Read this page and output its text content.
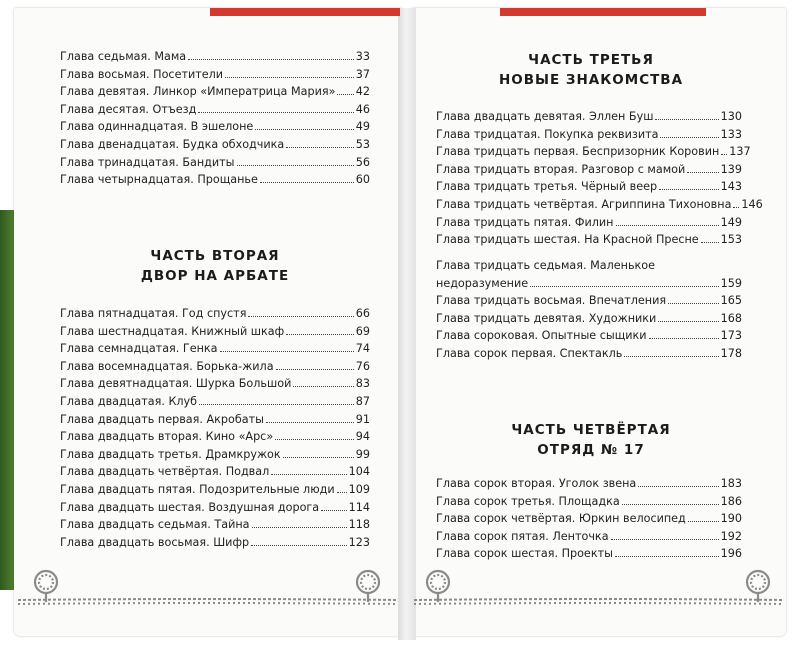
Глава седьмая. Мама	33
Глава восьмая. Посетители	37
Глава девятая. Линкор «Императрица Мария» 42
Глава десятая. Отъезд	46
Глава одиннадцатая. В эшелоне	49
Глава двенадцатая. Будка обходчика	53
Глава тринадцатая. Бандиты	56
Глава четырнадцатая. Прощанье	60
ЧАСТЬ ВТОРАЯ
ДВОР НА АРБАТЕ
Глава пятнадцатая. Год спустя	66
Глава шестнадцатая. Книжный шкаф	69
Глава семнадцатая. Генка	74
Глава восемнадцатая. Борька-жила	76
Глава девятнадцатая. Шурка Большой	83
Глава двадцатая. Клуб	87
Глава двадцать первая. Акробаты	91
Глава двадцать вторая. Кино «Арс»	94
Глава двадцать третья. Драмкружок	99
Глава двадцать четвёртая. Подвал	104
Глава двадцать пятая. Подозрительные люди 109
Глава двадцать шестая. Воздушная дорога	114
Глава двадцать седьмая. Тайна	118
Глава двадцать восьмая. Шифр	123
ЧАСТЬ ТРЕТЬЯ
НОВЫЕ ЗНАКОМСТВА
Глава двадцать девятая. Эллен Буш	130
Глава тридцатая. Покупка реквизита	133
Глава тридцать первая. Беспризорник Коровин 137
Глава тридцать вторая. Разговор с мамой	139
Глава тридцать третья. Чёрный веер	143
Глава тридцать четвёртая. Агриппина Тихоновна 146
Глава тридцать пятая. Филин	149
Глава тридцать шестая. На Красной Пресне 153
Глава тридцать седьмая. Маленькое
недоразумение	159
Глава тридцать восьмая. Впечатления	165
Глава тридцать девятая. Художники	168
Глава сороковая. Опытные сыщики	173
Глава сорок первая. Спектакль	178
ЧАСТЬ ЧЕТВЁРТАЯ
ОТРЯД № 17
Глава сорок вторая. Уголок звена	183
Глава сорок третья. Площадка	186
Глава сорок четвёртая. Юркин велосипед	190
Глава сорок пятая. Ленточка	192
Глава сорок шестая. Проекты	196
